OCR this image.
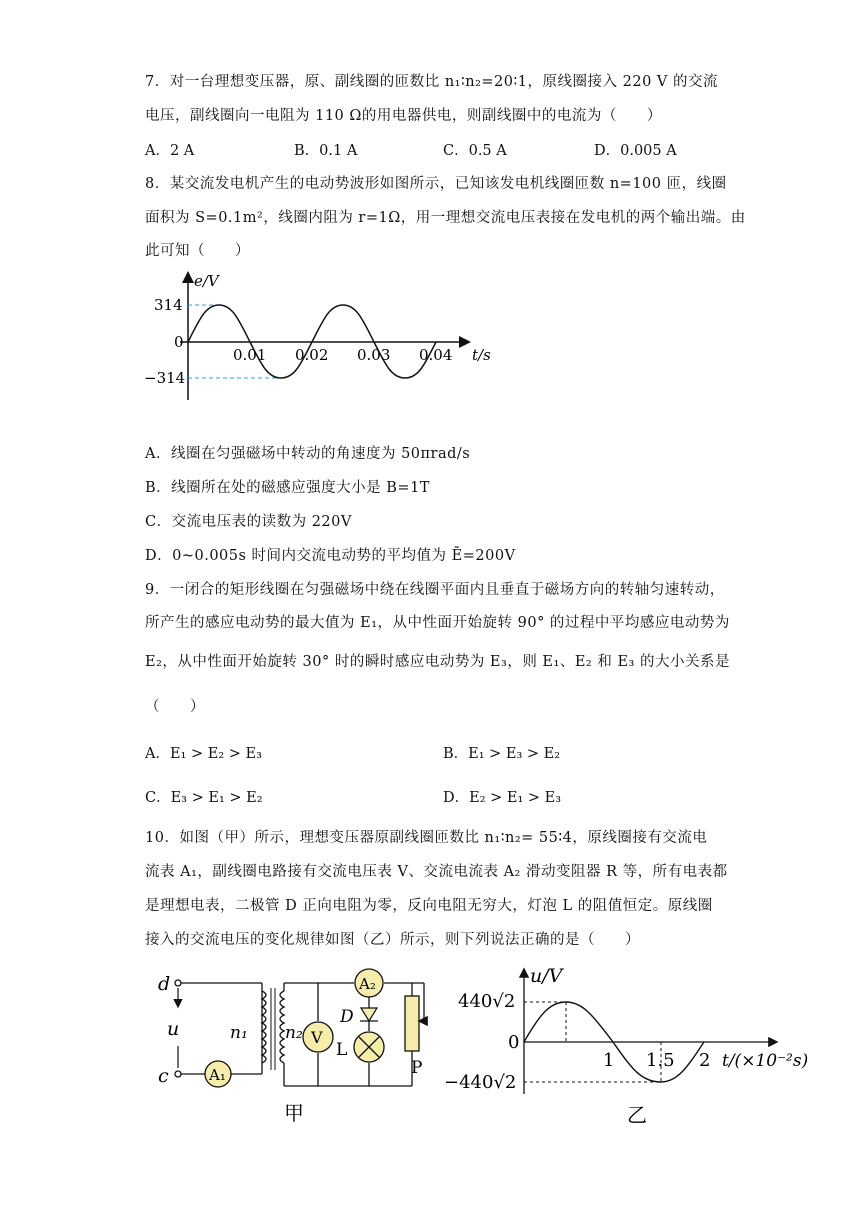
7．对一台理想变压器，原、副线圈的匝数比 n₁∶n₂=20∶1，原线圈接入 220 V 的交流
电压，副线圈向一电阻为 110 Ω的用电器供电，则副线圈中的电流为（　　）
A．2 A	B．0.1 A	C．0.5 A	D．0.005 A
8．某交流发电机产生的电动势波形如图所示，已知该发电机线圈匝数 n=100 匝，线圈
面积为 S=0.1m²，线圈内阻为 r=1Ω，用一理想交流电压表接在发电机的两个输出端。由
此可知（　　）
e/V
314
0
−314
0.01 0.02 0.03 0.04 t/s
A．线圈在匀强磁场中转动的角速度为 50πrad/s
B．线圈所在处的磁感应强度大小是 B=1T
C．交流电压表的读数为 220V
D．0~0.005s 时间内交流电动势的平均值为 Ē=200V
9．一闭合的矩形线圈在匀强磁场中绕在线圈平面内且垂直于磁场方向的转轴匀速转动，
所产生的感应电动势的最大值为 E₁，从中性面开始旋转 90° 的过程中平均感应电动势为
E₂，从中性面开始旋转 30° 时的瞬时感应电动势为 E₃，则 E₁、E₂ 和 E₃ 的大小关系是
（　　）
A．E₁ > E₂ > E₃	B．E₁ > E₃ > E₂
C．E₃ > E₁ > E₂	D．E₂ > E₁ > E₃
10．如图（甲）所示，理想变压器原副线圈匝数比 n₁∶n₂= 55∶4，原线圈接有交流电
流表 A₁，副线圈电路接有交流电压表 V、交流电流表 A₂ 滑动变阻器 R 等，所有电表都
是理想电表，二极管 D 正向电阻为零，反向电阻无穷大，灯泡 L 的阻值恒定。原线圈
接入的交流电压的变化规律如图（乙）所示，则下列说法正确的是（　　）
A₁
A₂
V
D
L
P
d
c
u	n₁ n₂
甲
u/V
440√2
0
−440√2
1 1.5 2 t/(×10⁻²s)
乙
